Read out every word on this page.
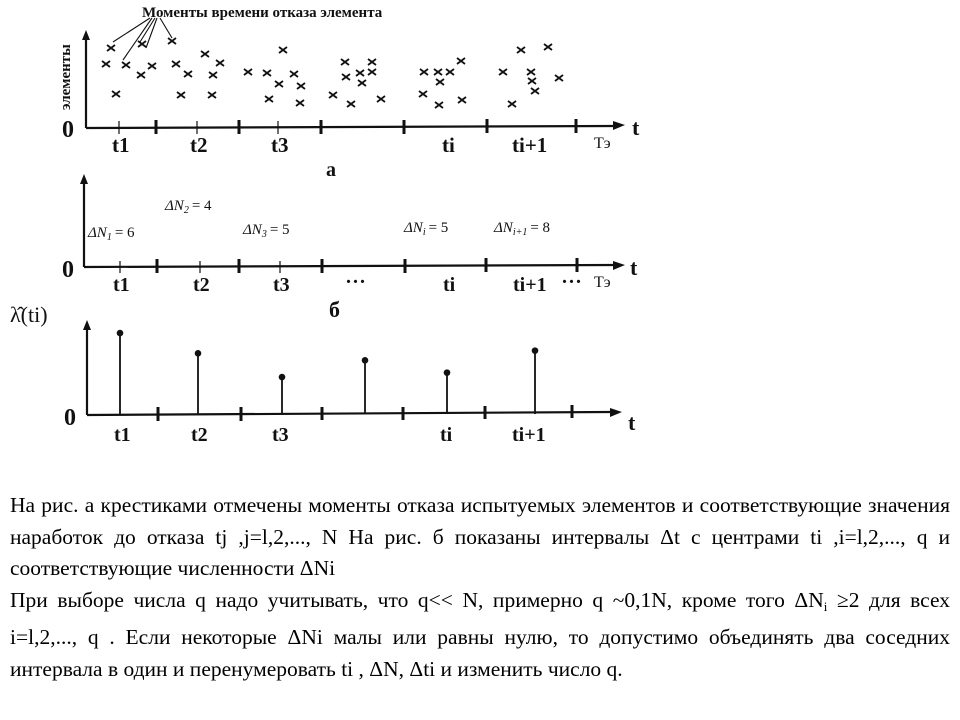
Моменты времени отказа элемента
элементы
0	t
t1	t2	t3	ti	ti+1	Tэ
а
0	t
t1	t2	t3	...	ti	ti+1 ... Tэ
$\Delta N_1 = 6$
$\Delta N_2 = 4$
$\Delta N_3 = 5$	$\Delta N_i = 5$	$\Delta N_{i+1} = 8$
б
λ̂(ti)
0	t
t1	t2	t3	ti	ti+1

На рис. а крестиками отмечены моменты отказа испытуемых элементов и соответствующие значения наработок до отказа tj ,j=l,2,..., N На рис. б показаны интервалы Δt с центрами ti ,i=l,2,..., q и соответствующие численности ΔNi

При выборе числа q надо учитывать, что q<< N, примерно q ~0,1N, кроме того $\Delta N_i \ge 2$ для всех i=l,2,..., q . Если некоторые ΔNi малы или равны нулю, то допустимо объединять два соседних интервала в один и перенумеровать ti , ΔN, Δti и изменить число q.
